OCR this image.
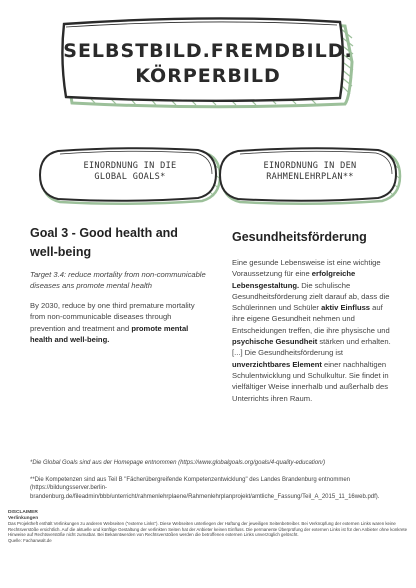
SELBSTBILD.FREMDBILD.
KÖRPERBILD
EINORDNUNG IN DIE
GLOBAL GOALS*
EINORDNUNG IN DEN
RAHMENLEHRPLAN**
Goal 3 - Good health and well-being
Target 3.4: reduce mortality from non-communicable diseases ans promote mental health
By 2030, reduce by one third premature mortality from non-communicable diseases through prevention and treatment and promote mental health and well-being.
Gesundheitsförderung
Eine gesunde Lebensweise ist eine wichtige Voraussetzung für eine erfolgreiche Lebensgestaltung. Die schulische Gesundheitsförderung zielt darauf ab, dass die Schülerinnen und Schüler aktiv Einfluss auf ihre eigene Gesundheit nehmen und Entscheidungen treffen, die ihre physische und psychische Gesundheit stärken und erhalten. [...] Die Gesundheitsförderung ist unverzichtbares Element einer nachhaltigen Schulentwicklung und Schulkultur. Sie findet in vielfältiger Weise innerhalb und außerhalb des Unterrichts ihren Raum.
*Die Global Goals sind aus der Homepage entnommen (https://www.globalgoals.org/goals/4-quality-education/)
**Die Kompetenzen sind aus Teil B "Fächerübergreifende Kompetenzentwicklung" des Landes Brandenburg entnommen (https://bildungsserver.berlin-brandenburg.de/fileadmin/bbb/unterricht/rahmenlehrplaene/Rahmenlehrplanprojekt/amtliche_Fassung/Teil_A_2015_11_16web.pdf).
DISCLAIMER
Verlinkungen
Das Projektheft enthält Verlinkungen zu anderen Webseiten ("externe Links"). Diese Webseiten unterliegen der Haftung der jeweiligen Seitenbetreiber. Bei Verknüpfung der externen Links waren keine Rechtsverstöße ersichtlich. Auf die aktuelle und künftige Gestaltung der verlinkten Seiten hat der Anbieter keinen Einfluss. Die permanente Überprüfung der externen Links ist für den Anbieter ohne konkrete Hinweise auf Rechtsverstöße nicht zumutbar. Bei Bekanntwerden von Rechtsverstößen werden die betroffenen externen Links unverzüglich gelöscht.
Quelle: Fachanwalt.de
